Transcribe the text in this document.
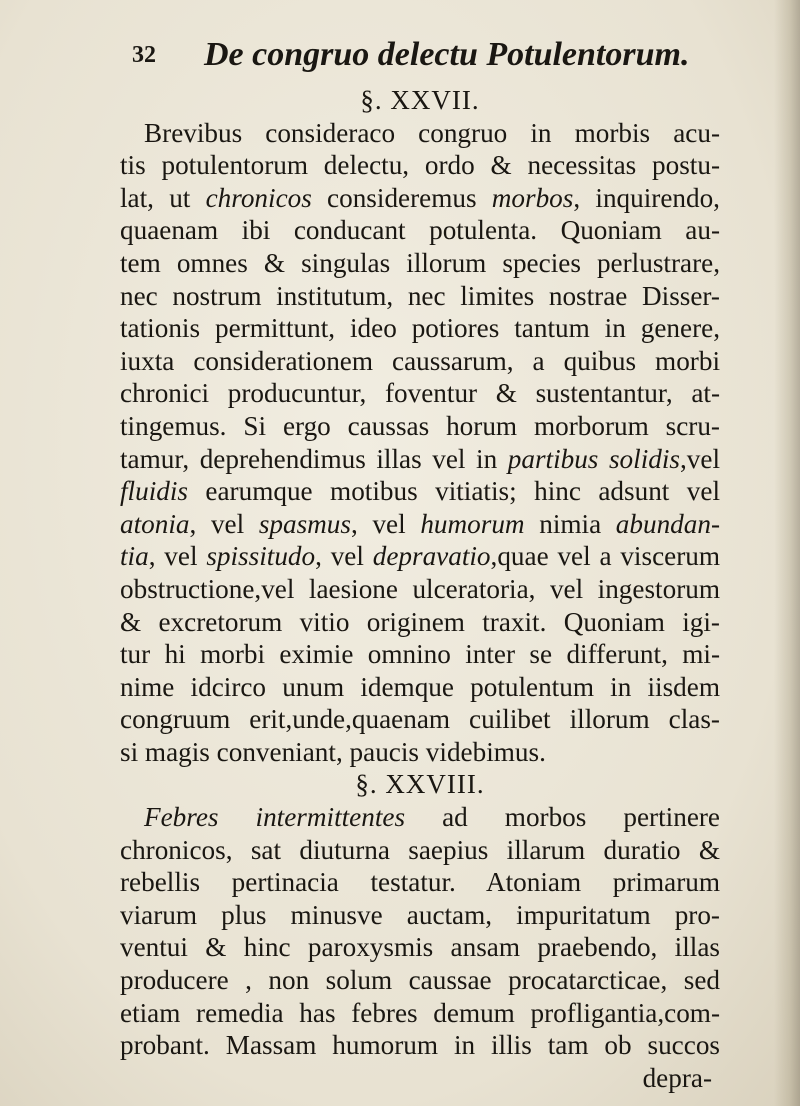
32 De congruo delectu Potulentorum.
§. XXVII.
Brevibus consideraco congruo in morbis acu-
tis potulentorum delectu, ordo & necessitas postu-
lat, ut chronicos consideremus morbos, inquirendo,
quaenam ibi conducant potulenta. Quoniam au-
tem omnes & singulas illorum species perlustrare,
nec nostrum institutum, nec limites nostrae Disser-
tationis permittunt, ideo potiores tantum in genere,
iuxta considerationem caussarum, a quibus morbi
chronici producuntur, foventur & sustentantur, at-
tingemus. Si ergo caussas horum morborum scru-
tamur, deprehendimus illas vel in partibus solidis,vel
fluidis earumque motibus vitiatis; hinc adsunt vel
atonia, vel spasmus, vel humorum nimia abundan-
tia, vel spissitudo, vel depravatio,quae vel a viscerum
obstructione,vel laesione ulceratoria, vel ingestorum
& excretorum vitio originem traxit. Quoniam igi-
tur hi morbi eximie omnino inter se differunt, mi-
nime idcirco unum idemque potulentum in iisdem
congruum erit,unde,quaenam cuilibet illorum clas-
si magis conveniant, paucis videbimus.
§. XXVIII.
Febres intermittentes ad morbos pertinere
chronicos, sat diuturna saepius illarum duratio &
rebellis pertinacia testatur. Atoniam primarum
viarum plus minusve auctam, impuritatum pro-
ventui & hinc paroxysmis ansam praebendo, illas
producere , non solum caussae procatarcticae, sed
etiam remedia has febres demum profligantia,com-
probant. Massam humorum in illis tam ob succos
depra-
